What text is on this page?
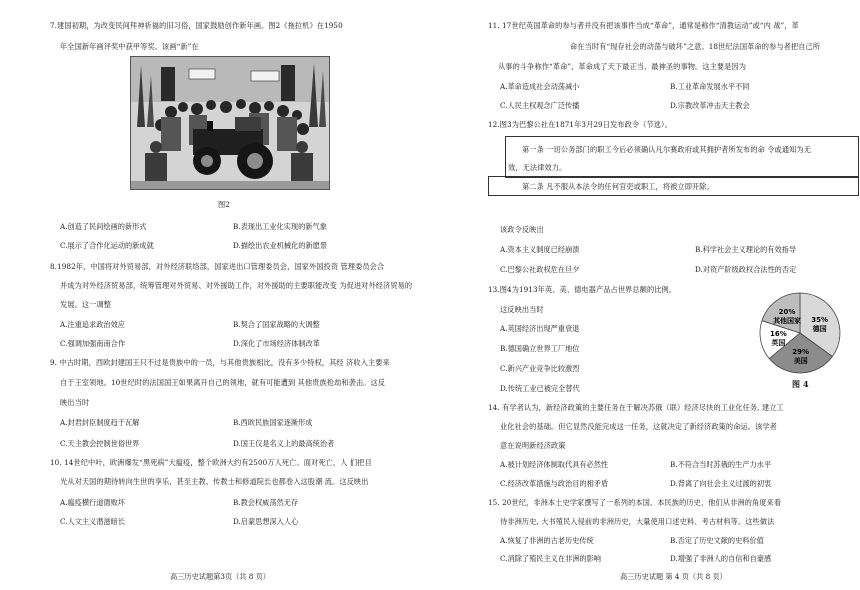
7.建国初期，为改变民间拜神祈福的旧习俗，国家鼓励创作新年画。图2《拖拉机》在1950
年全国新年画评奖中获甲等奖。该画“新”在
图2
A.创造了民间绘画的新形式	B.表现出工业化实现的新气象
C.展示了合作化运动的新成就	D.描绘出农业机械化的新愿景
8.1982年，中国将对外贸易部，对外经济联络部，国家进出口管理委员会，国家外国投资 管理委员会合
并成为对外经济贸易部，统筹管理对外贸易、对外援助工作，对外援助的主要职能改变 为促进对外经济贸易的
发展。这一调整
A.注重追求政治效应	B.契合了国家战略的大调整
C.强调加强南南合作	D.深化了市场经济体制改革
9. 中古时期，西欧封建国王只不过是贵族中的一员，与其他贵族相比，没有多少特权，其经 济收入主要来
自于王室领地。10世纪时的法国国王如果离开自己的领地，就有可能遭到 其他贵族抢劫和袭击。这反
映出当时
A.封君封臣制度趋于瓦解	B.西欧民族国家逐渐形成
C.天主教会控制世俗世界	D.国王仅是名义上的最高统治者
10. 14世纪中叶，欧洲爆发“黑死病”大瘟疫，整个欧洲大约有2500万人死亡。面对死亡，人 们把目
光从对天国的期待转向生世的享乐，甚至主教、传教士和修道院长也都卷入这股潮 流。这反映出
A.瘟疫横行道德败坏	B.教会权威荡然无存
C.人文主义潜滋暗长	D.启蒙思想深入人心
高三历史试题第3页（共 8 页）
11. 17世纪英国革命的参与者并没有把该事件当成“革命”，通常是称作“清教运动”或“内 战”，革
命在当时有“现存社会的动荡与破坏”之意。18世纪法国革命的参与者把自己所
从事的斗争称作“革命”，革命成了天下最正当、最神圣的事物。这主要是因为
A.革命造成社会动荡减小	B.工业革命发展水平不同
C.人民主权观念广泛传播	D.宗教改革冲击天主教会
12.图3为巴黎公社在1871年3月29日发布政令（节选）。
第一条 一切公务部门的职工今后必须确认凡尔赛政府或其拥护者所发布的命 令或通知为无
效，无法律效力。
第二条 凡不服从本法令的任何官吏或职工，将被立即开除。
该政令反映出
A.资本主义制度已经崩溃	B.科学社会主义理论的有效指导
C.巴黎公社政权危在旦夕	D.对资产阶级政权合法性的否定
13.图4为1913年英、美、德电器产品占世界总额的比例。
这反映出当时
A.英国经济出现严重衰退
B.德国确立世界工厂地位
C.新兴产业竞争比较激烈
D.传统工业已被完全替代
35%
德国
29%
美国
16%
英国
20%
其他国家
图 4
14. 有学者认为，新经济政策的主要任务在于解决苏俄（联）经济尽快的工业化任务, 建立工
业化社会的基础。但它显然没能完成这一任务，这就决定了新经济政策的命运。该学者
意在说明新经济政策
A.被计划经济体制取代具有必然性	B.不符合当时苏俄的生产力水平
C.经济改革措施与政治目的相矛盾	D.背离了向社会主义过渡的初衷
15. 20世纪，非洲本土史学家撰写了一系列的本国、本民族的历史，他们从非洲的角度来看
待非洲历史, 大书殖民入侵前的非洲历史，大量使用口述史料、考古材料等。这些做法
A.恢复了非洲的古老历史传统	B.否定了历史文献的史料价值
C.消除了殖民主义在非洲的影响	D.增强了非洲人的自信和自豪感
高三历史试题 第 4 页（共 8 页）
